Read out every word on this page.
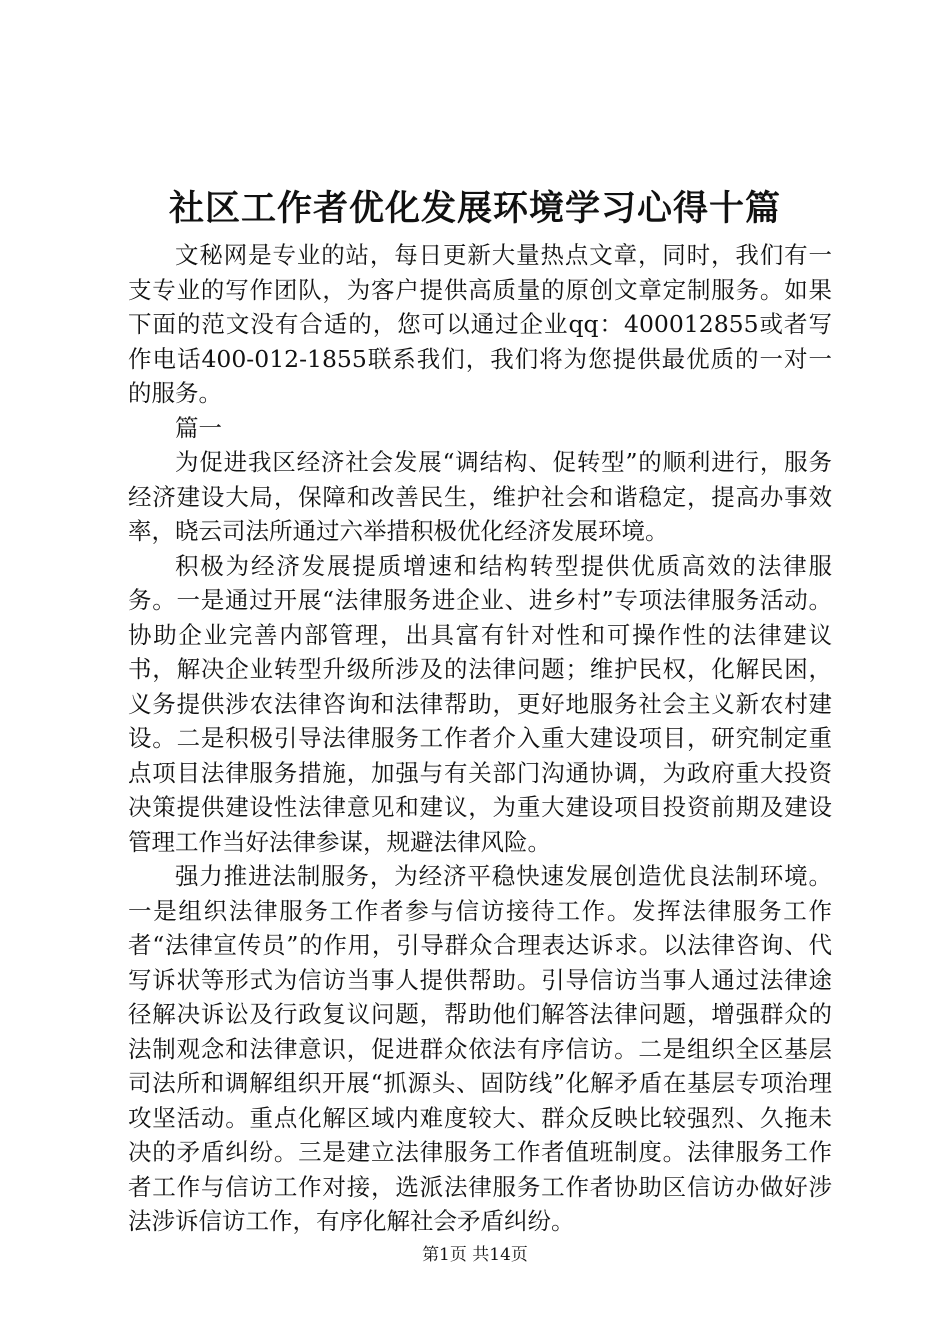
社区工作者优化发展环境学习心得十篇

文秘网是专业的站，每日更新大量热点文章，同时，我们有一支专业的写作团队，为客户提供高质量的原创文章定制服务。如果下面的范文没有合适的，您可以通过企业qq：400012855或者写作电话400-012-1855联系我们，我们将为您提供最优质的一对一的服务。

篇一

为促进我区经济社会发展“调结构、促转型”的顺利进行，服务经济建设大局，保障和改善民生，维护社会和谐稳定，提高办事效率，晓云司法所通过六举措积极优化经济发展环境。

积极为经济发展提质增速和结构转型提供优质高效的法律服务。一是通过开展“法律服务进企业、进乡村”专项法律服务活动。协助企业完善内部管理，出具富有针对性和可操作性的法律建议书，解决企业转型升级所涉及的法律问题；维护民权，化解民困，义务提供涉农法律咨询和法律帮助，更好地服务社会主义新农村建设。二是积极引导法律服务工作者介入重大建设项目，研究制定重点项目法律服务措施，加强与有关部门沟通协调，为政府重大投资决策提供建设性法律意见和建议，为重大建设项目投资前期及建设管理工作当好法律参谋，规避法律风险。

强力推进法制服务，为经济平稳快速发展创造优良法制环境。一是组织法律服务工作者参与信访接待工作。发挥法律服务工作者“法律宣传员”的作用，引导群众合理表达诉求。以法律咨询、代写诉状等形式为信访当事人提供帮助。引导信访当事人通过法律途径解决诉讼及行政复议问题，帮助他们解答法律问题，增强群众的法制观念和法律意识，促进群众依法有序信访。二是组织全区基层司法所和调解组织开展“抓源头、固防线”化解矛盾在基层专项治理攻坚活动。重点化解区域内难度较大、群众反映比较强烈、久拖未决的矛盾纠纷。三是建立法律服务工作者值班制度。法律服务工作者工作与信访工作对接，选派法律服务工作者协助区信访办做好涉法涉诉信访工作，有序化解社会矛盾纠纷。

第1页 共14页
